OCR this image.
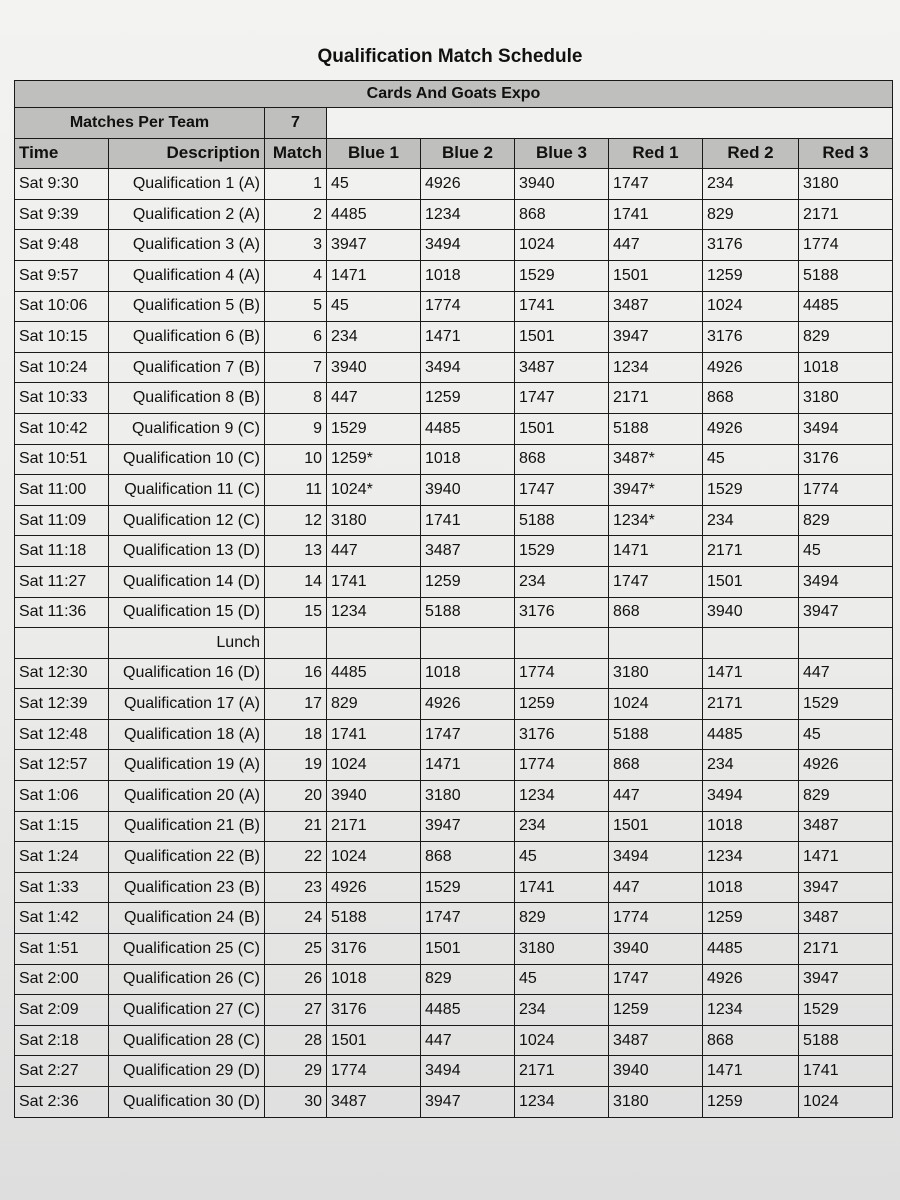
Qualification Match Schedule
Cards And Goats Expo								
Matches Per Team		7						
Time	Description	Match	Blue 1	Blue 2	Blue 3	Red 1	Red 2	Red 3
Sat 9:30	Qualification 1 (A)	1	45	4926	3940	1747	234	3180
Sat 9:39	Qualification 2 (A)	2	4485	1234	868	1741	829	2171
Sat 9:48	Qualification 3 (A)	3	3947	3494	1024	447	3176	1774
Sat 9:57	Qualification 4 (A)	4	1471	1018	1529	1501	1259	5188
Sat 10:06	Qualification 5 (B)	5	45	1774	1741	3487	1024	4485
Sat 10:15	Qualification 6 (B)	6	234	1471	1501	3947	3176	829
Sat 10:24	Qualification 7 (B)	7	3940	3494	3487	1234	4926	1018
Sat 10:33	Qualification 8 (B)	8	447	1259	1747	2171	868	3180
Sat 10:42	Qualification 9 (C)	9	1529	4485	1501	5188	4926	3494
Sat 10:51	Qualification 10 (C)	10	1259*	1018	868	3487*	45	3176
Sat 11:00	Qualification 11 (C)	11	1024*	3940	1747	3947*	1529	1774
Sat 11:09	Qualification 12 (C)	12	3180	1741	5188	1234*	234	829
Sat 11:18	Qualification 13 (D)	13	447	3487	1529	1471	2171	45
Sat 11:27	Qualification 14 (D)	14	1741	1259	234	1747	1501	3494
Sat 11:36	Qualification 15 (D)	15	1234	5188	3176	868	3940	3947
	Lunch							
Sat 12:30	Qualification 16 (D)	16	4485	1018	1774	3180	1471	447
Sat 12:39	Qualification 17 (A)	17	829	4926	1259	1024	2171	1529
Sat 12:48	Qualification 18 (A)	18	1741	1747	3176	5188	4485	45
Sat 12:57	Qualification 19 (A)	19	1024	1471	1774	868	234	4926
Sat 1:06	Qualification 20 (A)	20	3940	3180	1234	447	3494	829
Sat 1:15	Qualification 21 (B)	21	2171	3947	234	1501	1018	3487
Sat 1:24	Qualification 22 (B)	22	1024	868	45	3494	1234	1471
Sat 1:33	Qualification 23 (B)	23	4926	1529	1741	447	1018	3947
Sat 1:42	Qualification 24 (B)	24	5188	1747	829	1774	1259	3487
Sat 1:51	Qualification 25 (C)	25	3176	1501	3180	3940	4485	2171
Sat 2:00	Qualification 26 (C)	26	1018	829	45	1747	4926	3947
Sat 2:09	Qualification 27 (C)	27	3176	4485	234	1259	1234	1529
Sat 2:18	Qualification 28 (C)	28	1501	447	1024	3487	868	5188
Sat 2:27	Qualification 29 (D)	29	1774	3494	2171	3940	1471	1741
Sat 2:36	Qualification 30 (D)	30	3487	3947	1234	3180	1259	1024
